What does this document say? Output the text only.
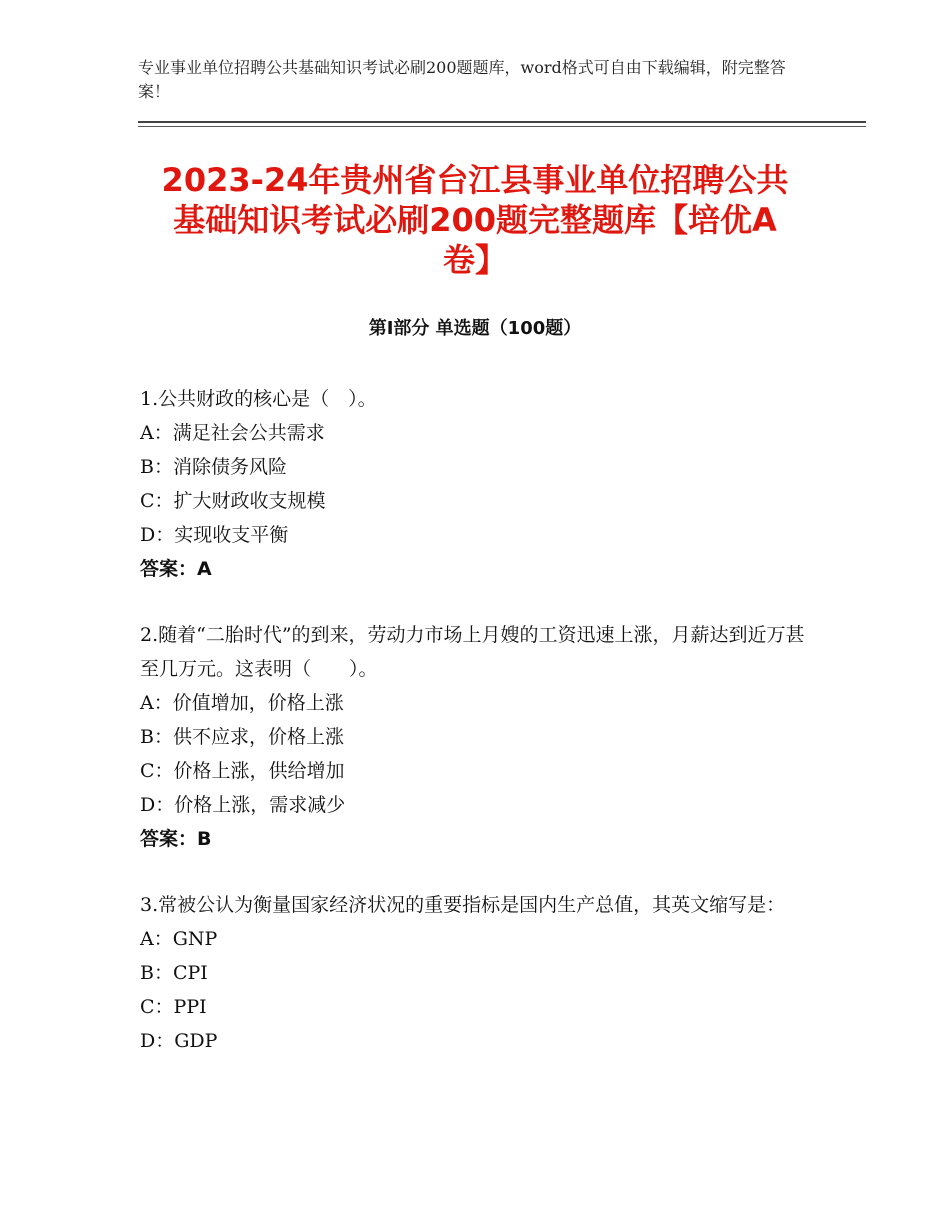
专业事业单位招聘公共基础知识考试必刷200题题库，word格式可自由下载编辑，附完整答案！
2023-24年贵州省台江县事业单位招聘公共基础知识考试必刷200题完整题库【培优A卷】
第Ⅰ部分 单选题（100题）
1.公共财政的核心是（　）。
A：满足社会公共需求
B：消除债务风险
C：扩大财政收支规模
D：实现收支平衡
答案：A
2.随着“二胎时代”的到来，劳动力市场上月嫂的工资迅速上涨，月薪达到近万甚至几万元。这表明（　　）。
A：价值增加，价格上涨
B：供不应求，价格上涨
C：价格上涨，供给增加
D：价格上涨，需求减少
答案：B
3.常被公认为衡量国家经济状况的重要指标是国内生产总值，其英文缩写是：
A：GNP
B：CPI
C：PPI
D：GDP
